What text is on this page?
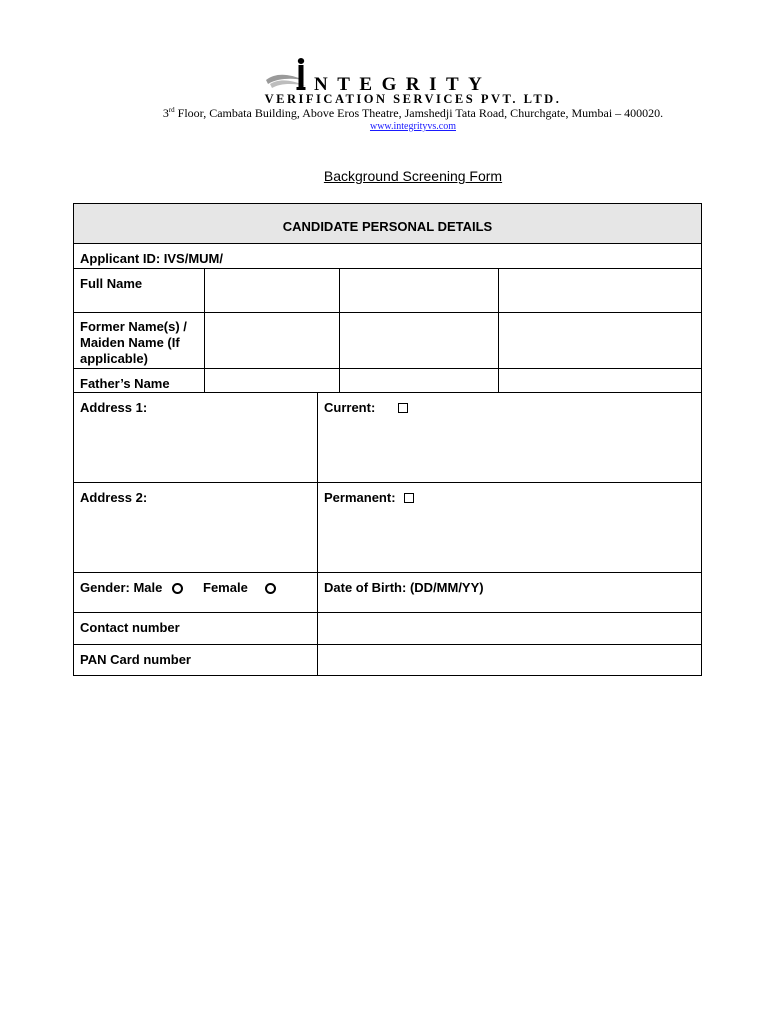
NTEGRITY
VERIFICATION SERVICES PVT. LTD.
3rd Floor, Cambata Building, Above Eros Theatre, Jamshedji Tata Road, Churchgate, Mumbai – 400020.
www.integrityvs.com
Background Screening Form
CANDIDATE PERSONAL DETAILS
Applicant ID: IVS/MUM/
Full Name
Former Name(s) /
Maiden Name (If
applicable)
Father’s Name
Address 1:	Current:
Address 2:	Permanent:
Gender: Male	Female	Date of Birth: (DD/MM/YY)
Contact number
PAN Card number
